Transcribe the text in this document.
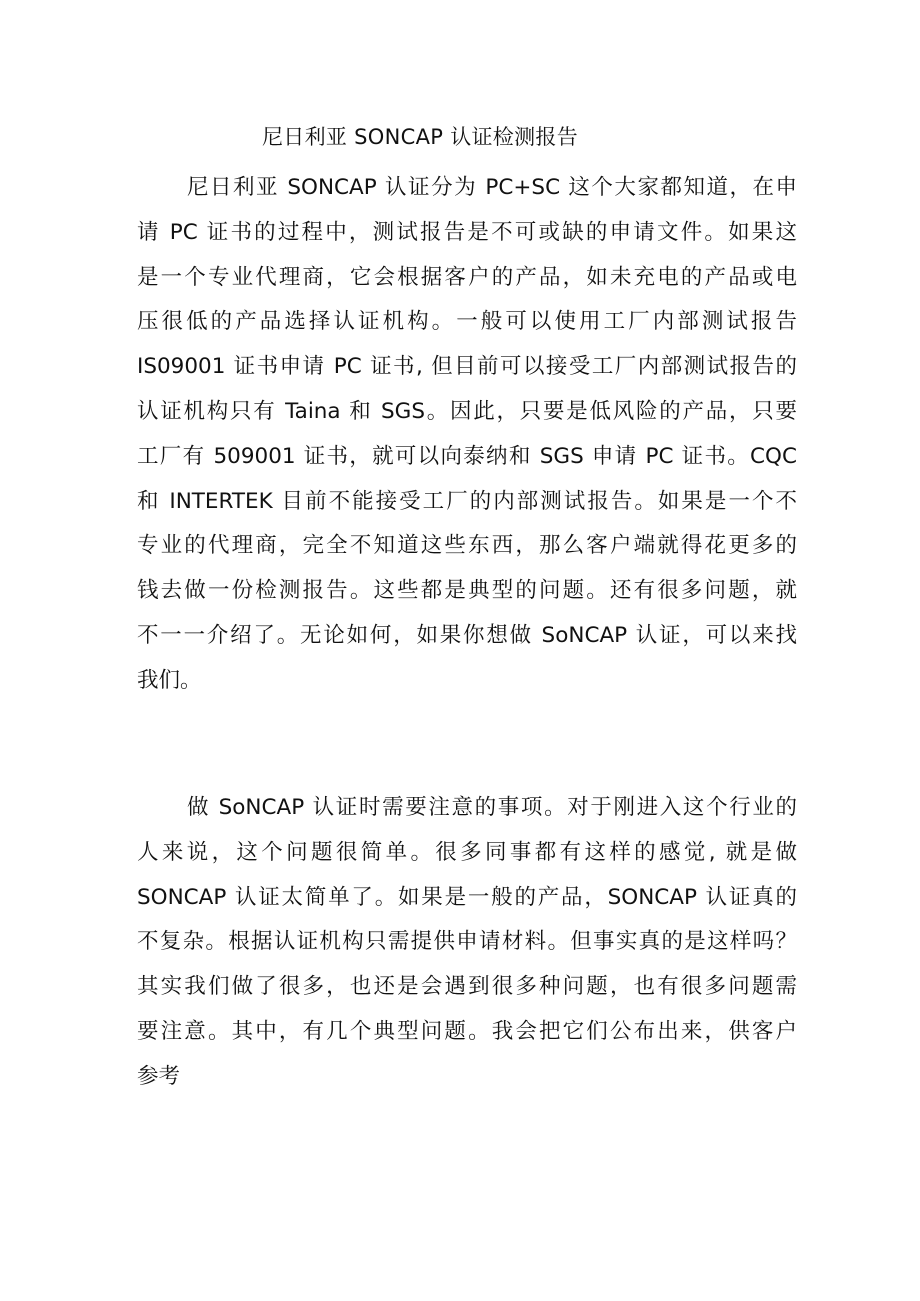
尼日利亚 SONCAP 认证检测报告
尼日利亚 SONCAP 认证分为 PC+SC 这个大家都知道，在申
请 PC 证书的过程中，测试报告是不可或缺的申请文件。如果这
是一个专业代理商，它会根据客户的产品，如未充电的产品或电
压很低的产品选择认证机构。一般可以使用工厂内部测试报告
IS09001 证书申请 PC 证书, 但目前可以接受工厂内部测试报告的
认证机构只有 Taina 和 SGS。因此，只要是低风险的产品，只要
工厂有 509001 证书，就可以向泰纳和 SGS 申请 PC 证书。CQC
和 INTERTEK 目前不能接受工厂的内部测试报告。如果是一个不
专业的代理商，完全不知道这些东西，那么客户端就得花更多的
钱去做一份检测报告。这些都是典型的问题。还有很多问题，就
不一一介绍了。无论如何，如果你想做 SoNCAP 认证，可以来找
我们。
做 SoNCAP 认证时需要注意的事项。对于刚进入这个行业的
人来说，这个问题很简单。很多同事都有这样的感觉, 就是做
SONCAP 认证太简单了。如果是一般的产品，SONCAP 认证真的
不复杂。根据认证机构只需提供申请材料。但事实真的是这样吗？
其实我们做了很多，也还是会遇到很多种问题，也有很多问题需
要注意。其中，有几个典型问题。我会把它们公布出来，供客户
参考
